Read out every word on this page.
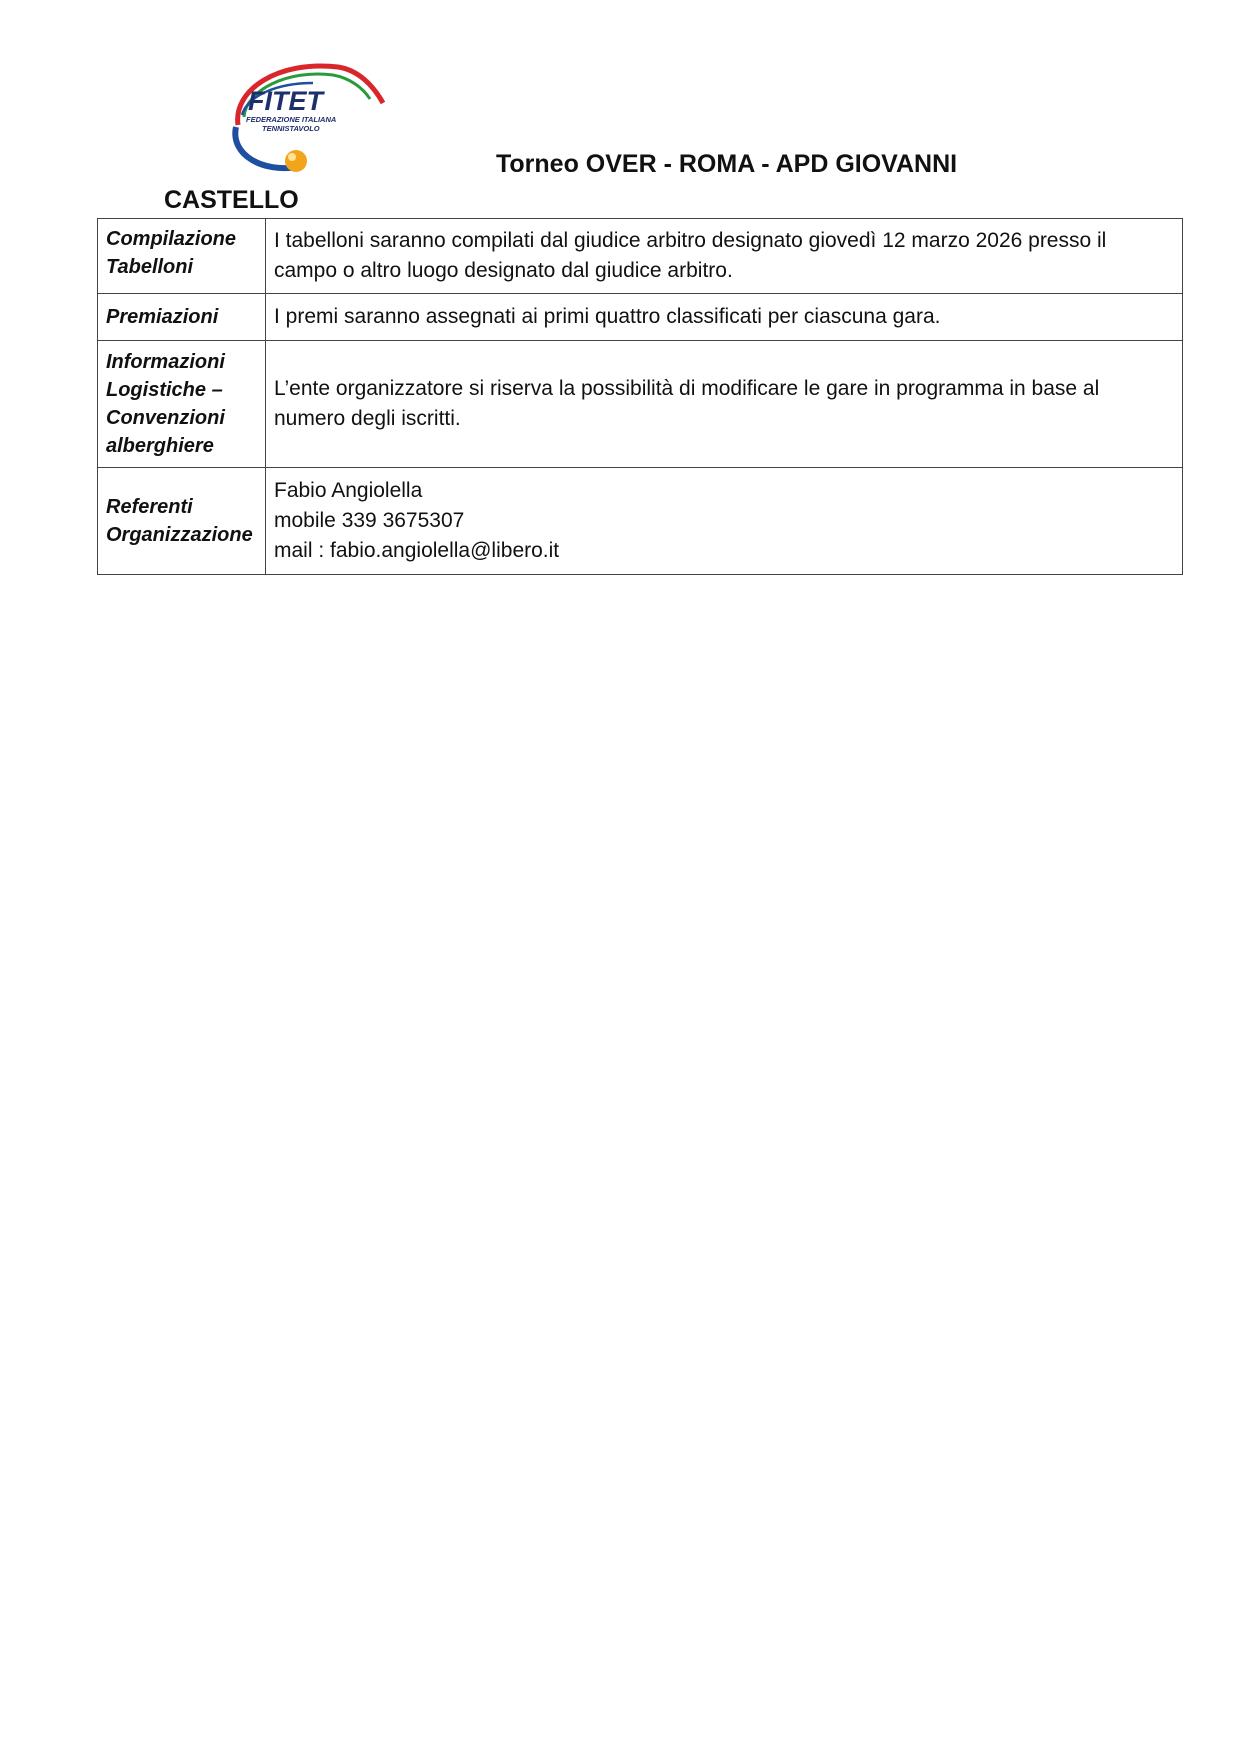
FITET
FEDERAZIONE ITALIANA
TENNISTAVOLO
Torneo OVER - ROMA - APD GIOVANNI
CASTELLO
Compilazione
Tabelloni	I tabelloni saranno compilati dal giudice arbitro designato giovedì 12 marzo 2026 presso il campo o altro luogo designato dal giudice arbitro.

Premiazioni	I premi saranno assegnati ai primi quattro classificati per ciascuna gara.

Informazioni
Logistiche –
Convenzioni
alberghiere	L’ente organizzatore si riserva la possibilità di modificare le gare in programma in base al numero degli iscritti.

Referenti
Organizzazione	Fabio Angiolella
mobile 339 3675307
mail : fabio.angiolella@libero.it
